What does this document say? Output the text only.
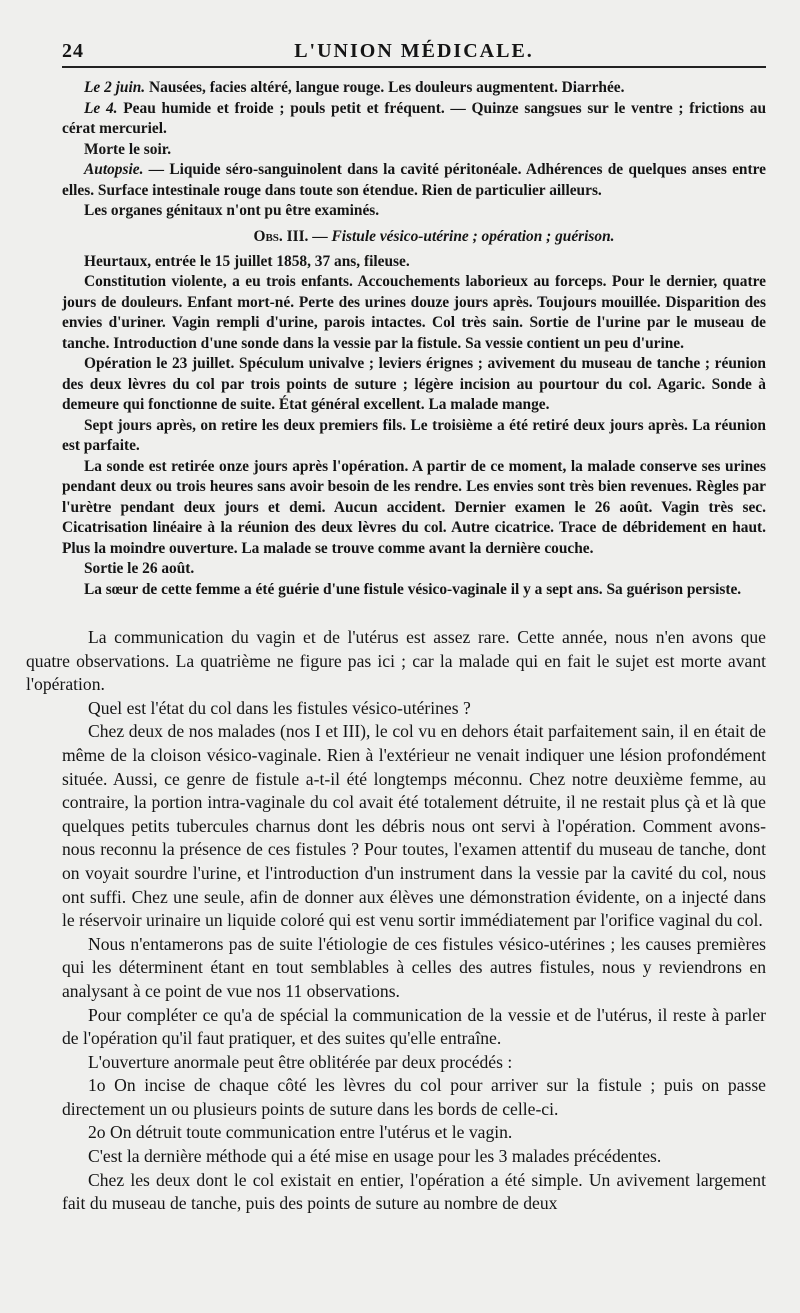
24	L'UNION MÉDICALE.

Le 2 juin. Nausées, facies altéré, langue rouge. Les douleurs augmentent. Diarrhée.

Le 4. Peau humide et froide ; pouls petit et fréquent. — Quinze sangsues sur le ventre ; frictions au cérat mercuriel.

Morte le soir.

Autopsie. — Liquide séro-sanguinolent dans la cavité péritonéale. Adhérences de quelques anses entre elles. Surface intestinale rouge dans toute son étendue. Rien de particulier ailleurs.

Les organes génitaux n'ont pu être examinés.

Obs. III. — Fistule vésico-utérine ; opération ; guérison.

Heurtaux, entrée le 15 juillet 1858, 37 ans, fileuse.

Constitution violente, a eu trois enfants. Accouchements laborieux au forceps. Pour le dernier, quatre jours de douleurs. Enfant mort-né. Perte des urines douze jours après. Toujours mouillée. Disparition des envies d'uriner. Vagin rempli d'urine, parois intactes. Col très sain. Sortie de l'urine par le museau de tanche. Introduction d'une sonde dans la vessie par la fistule. Sa vessie contient un peu d'urine.

Opération le 23 juillet. Spéculum univalve ; leviers érignes ; avivement du museau de tanche ; réunion des deux lèvres du col par trois points de suture ; légère incision au pourtour du col. Agaric. Sonde à demeure qui fonctionne de suite. État général excellent. La malade mange.

Sept jours après, on retire les deux premiers fils. Le troisième a été retiré deux jours après. La réunion est parfaite.

La sonde est retirée onze jours après l'opération. A partir de ce moment, la malade conserve ses urines pendant deux ou trois heures sans avoir besoin de les rendre. Les envies sont très bien revenues. Règles par l'urètre pendant deux jours et demi. Aucun accident. Dernier examen le 26 août. Vagin très sec. Cicatrisation linéaire à la réunion des deux lèvres du col. Autre cicatrice. Trace de débridement en haut. Plus la moindre ouverture. La malade se trouve comme avant la dernière couche.

Sortie le 26 août.

La sœur de cette femme a été guérie d'une fistule vésico-vaginale il y a sept ans. Sa guérison persiste.

La communication du vagin et de l'utérus est assez rare. Cette année, nous n'en avons que quatre observations. La quatrième ne figure pas ici ; car la malade qui en fait le sujet est morte avant l'opération.

Quel est l'état du col dans les fistules vésico-utérines ?

Chez deux de nos malades (nos I et III), le col vu en dehors était parfaitement sain, il en était de même de la cloison vésico-vaginale. Rien à l'extérieur ne venait indiquer une lésion profondément située. Aussi, ce genre de fistule a-t-il été longtemps méconnu. Chez notre deuxième femme, au contraire, la portion intra-vaginale du col avait été totalement détruite, il ne restait plus çà et là que quelques petits tubercules charnus dont les débris nous ont servi à l'opération. Comment avons-nous reconnu la présence de ces fistules ? Pour toutes, l'examen attentif du museau de tanche, dont on voyait sourdre l'urine, et l'introduction d'un instrument dans la vessie par la cavité du col, nous ont suffi. Chez une seule, afin de donner aux élèves une démonstration évidente, on a injecté dans le réservoir urinaire un liquide coloré qui est venu sortir immédiatement par l'orifice vaginal du col.

Nous n'entamerons pas de suite l'étiologie de ces fistules vésico-utérines ; les causes premières qui les déterminent étant en tout semblables à celles des autres fistules, nous y reviendrons en analysant à ce point de vue nos 11 observations.

Pour compléter ce qu'a de spécial la communication de la vessie et de l'utérus, il reste à parler de l'opération qu'il faut pratiquer, et des suites qu'elle entraîne.

L'ouverture anormale peut être oblitérée par deux procédés :

1o On incise de chaque côté les lèvres du col pour arriver sur la fistule ; puis on passe directement un ou plusieurs points de suture dans les bords de celle-ci.

2o On détruit toute communication entre l'utérus et le vagin.

C'est la dernière méthode qui a été mise en usage pour les 3 malades précédentes.

Chez les deux dont le col existait en entier, l'opération a été simple. Un avivement largement fait du museau de tanche, puis des points de suture au nombre de deux
